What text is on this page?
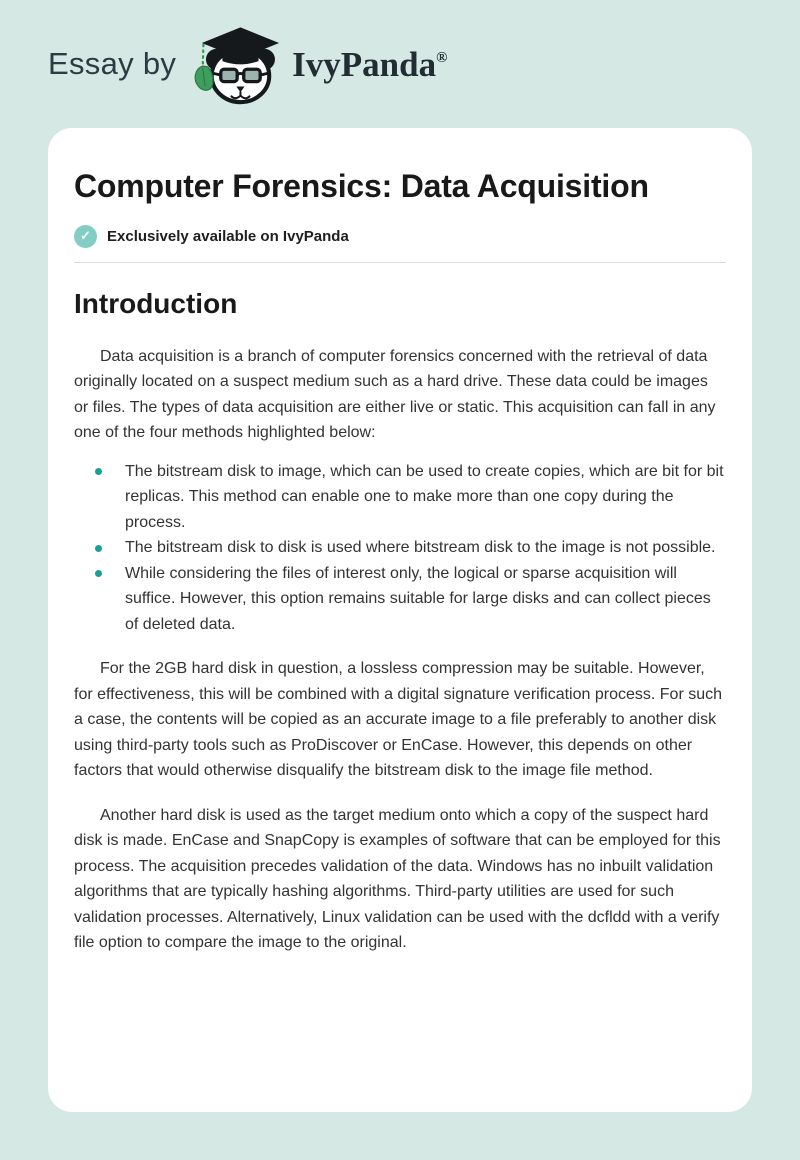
Essay by	IvyPanda®
Computer Forensics: Data Acquisition
✓	Exclusively available on IvyPanda
Introduction

Data acquisition is a branch of computer forensics concerned with the retrieval of data originally located on a suspect medium such as a hard drive. These data could be images or files. The types of data acquisition are either live or static. This acquisition can fall in any one of the four methods highlighted below:

The bitstream disk to image, which can be used to create copies, which are bit for bit replicas. This method can enable one to make more than one copy during the process.
The bitstream disk to disk is used where bitstream disk to the image is not possible.
While considering the files of interest only, the logical or sparse acquisition will suffice. However, this option remains suitable for large disks and can collect pieces of deleted data.

For the 2GB hard disk in question, a lossless compression may be suitable. However, for effectiveness, this will be combined with a digital signature verification process. For such a case, the contents will be copied as an accurate image to a file preferably to another disk using third-party tools such as ProDiscover or EnCase. However, this depends on other factors that would otherwise disqualify the bitstream disk to the image file method.

Another hard disk is used as the target medium onto which a copy of the suspect hard disk is made. EnCase and SnapCopy is examples of software that can be employed for this process. The acquisition precedes validation of the data. Windows has no inbuilt validation algorithms that are typically hashing algorithms. Third-party utilities are used for such validation processes. Alternatively, Linux validation can be used with the dcfldd with a verify file option to compare the image to the original.
